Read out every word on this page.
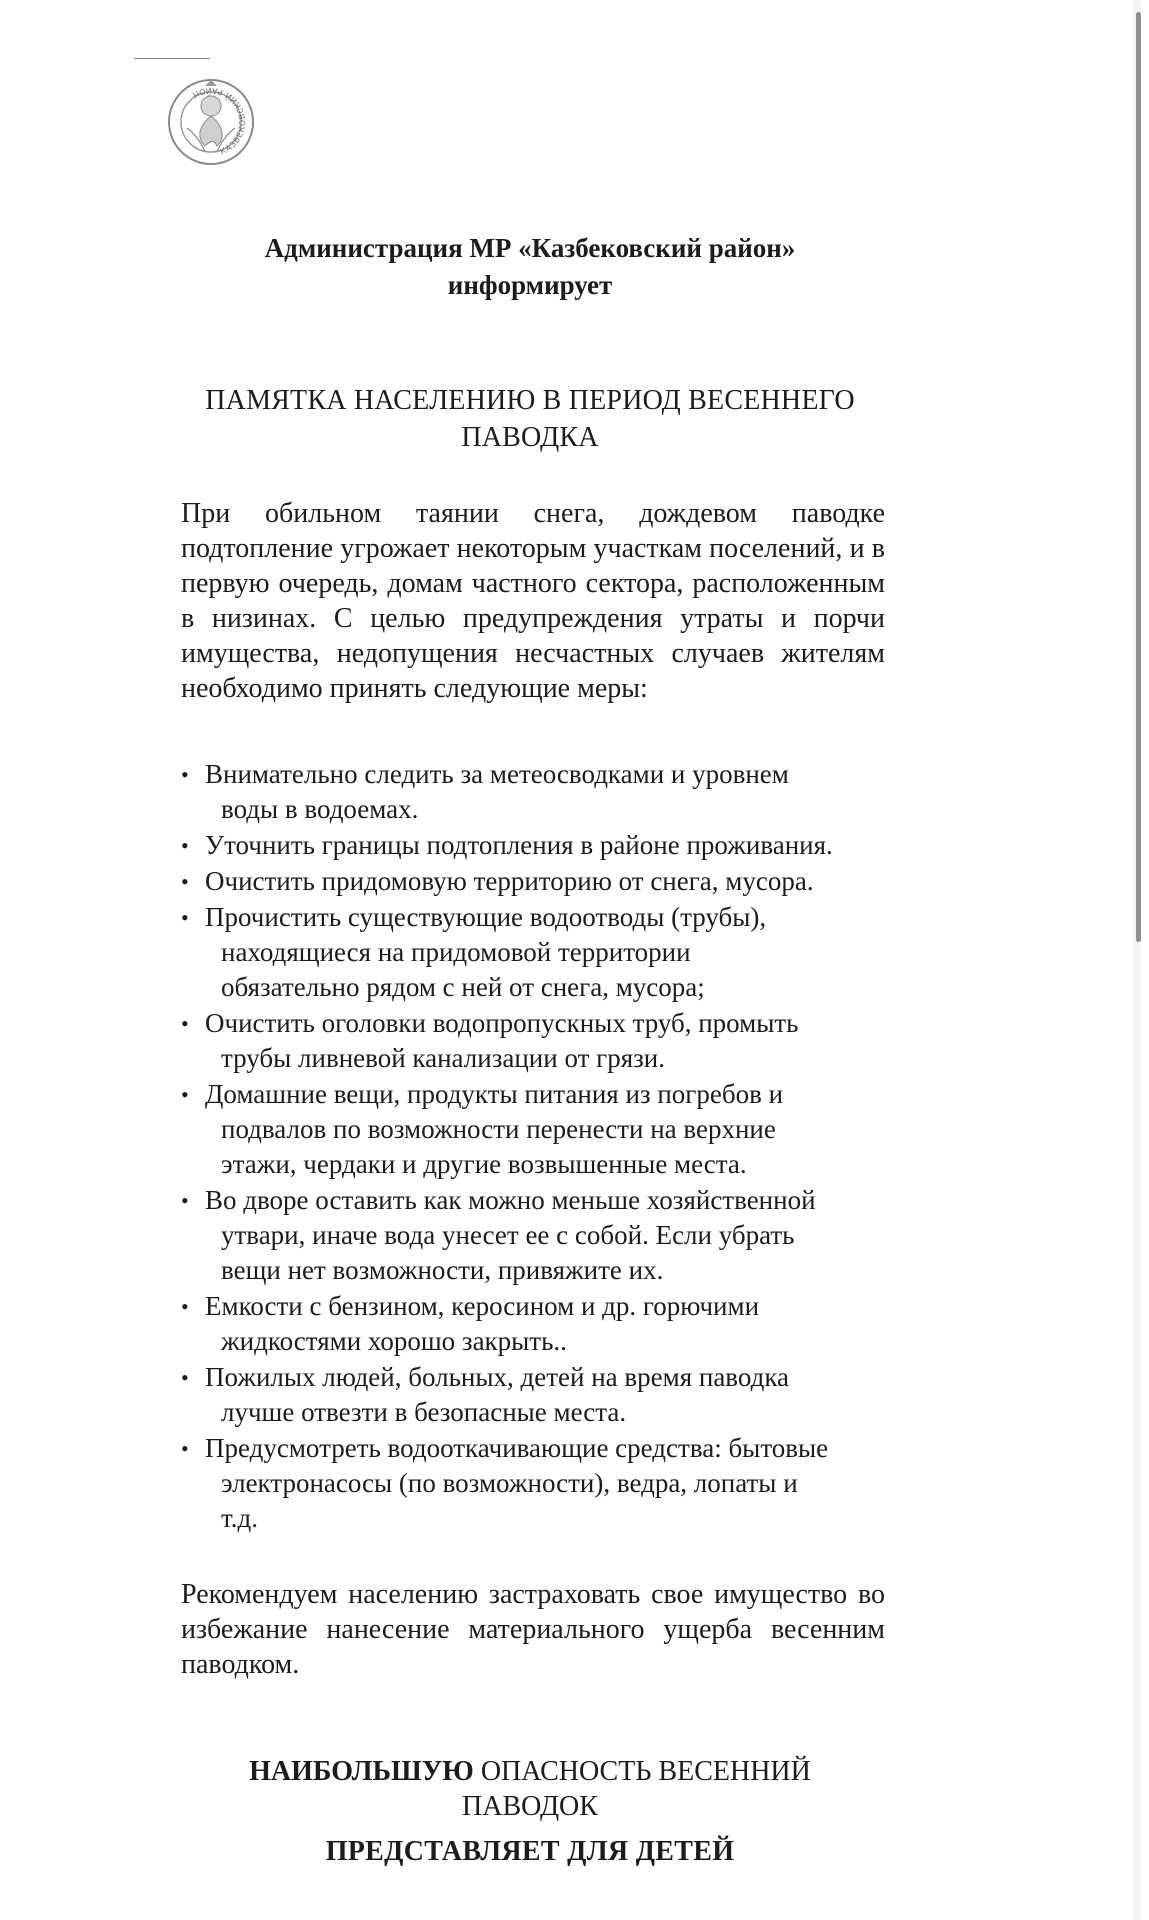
КАЗБЕКОВСКИЙ РАЙОН
Администрация МР «Казбековский район»
информирует
ПАМЯТКА НАСЕЛЕНИЮ В ПЕРИОД ВЕСЕННЕГО
ПАВОДКА
При обильном таянии снега, дождевом паводке подтопление угрожает некоторым участкам поселений, и в первую очередь, домам частного сектора, расположенным в низинах. С целью предупреждения утраты и порчи имущества, недопущения несчастных случаев жителям необходимо принять следующие меры:
• Внимательно следить за метеосводками и уровнем
воды в водоемах.
• Уточнить границы подтопления в районе проживания.
• Очистить придомовую территорию от снега, мусора.
• Прочистить существующие водоотводы (трубы),
находящиеся на придомовой территории
обязательно рядом с ней от снега, мусора;
• Очистить оголовки водопропускных труб, промыть
трубы ливневой канализации от грязи.
• Домашние вещи, продукты питания из погребов и
подвалов по возможности перенести на верхние
этажи, чердаки и другие возвышенные места.
• Во дворе оставить как можно меньше хозяйственной
утвари, иначе вода унесет ее с собой. Если убрать
вещи нет возможности, привяжите их.
• Емкости с бензином, керосином и др. горючими
жидкостями хорошо закрыть..
• Пожилых людей, больных, детей на время паводка
лучше отвезти в безопасные места.
• Предусмотреть водооткачивающие средства: бытовые
электронасосы (по возможности), ведра, лопаты и
т.д.
Рекомендуем населению застраховать свое имущество во избежание нанесение материального ущерба весенним паводком.
НАИБОЛЬШУЮ ОПАСНОСТЬ ВЕСЕННИЙ
ПАВОДОК
ПРЕДСТАВЛЯЕТ ДЛЯ ДЕТЕЙ
